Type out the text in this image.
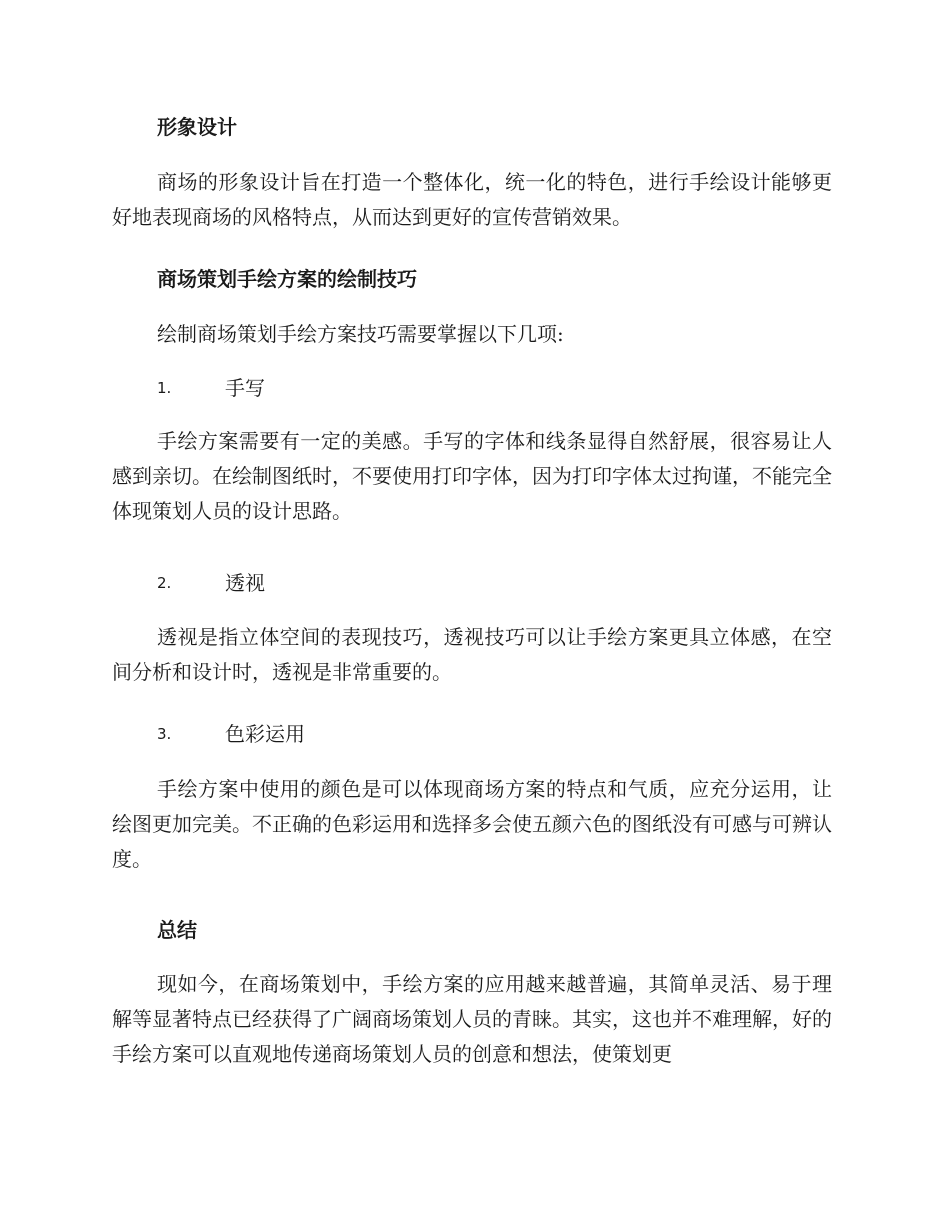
形象设计

商场的形象设计旨在打造一个整体化，统一化的特色，进行手绘设计能够更好地表现商场的风格特点，从而达到更好的宣传营销效果。

商场策划手绘方案的绘制技巧

绘制商场策划手绘方案技巧需要掌握以下几项:

1.	手写

手绘方案需要有一定的美感。手写的字体和线条显得自然舒展，很容易让人感到亲切。在绘制图纸时，不要使用打印字体，因为打印字体太过拘谨，不能完全体现策划人员的设计思路。

2.	透视

透视是指立体空间的表现技巧，透视技巧可以让手绘方案更具立体感，在空间分析和设计时，透视是非常重要的。

3.	色彩运用

手绘方案中使用的颜色是可以体现商场方案的特点和气质，应充分运用，让绘图更加完美。不正确的色彩运用和选择多会使五颜六色的图纸没有可感与可辨认度。

总结

现如今，在商场策划中，手绘方案的应用越来越普遍，其简单灵活、易于理解等显著特点已经获得了广阔商场策划人员的青睐。其实，这也并不难理解，好的手绘方案可以直观地传递商场策划人员的创意和想法，使策划更
